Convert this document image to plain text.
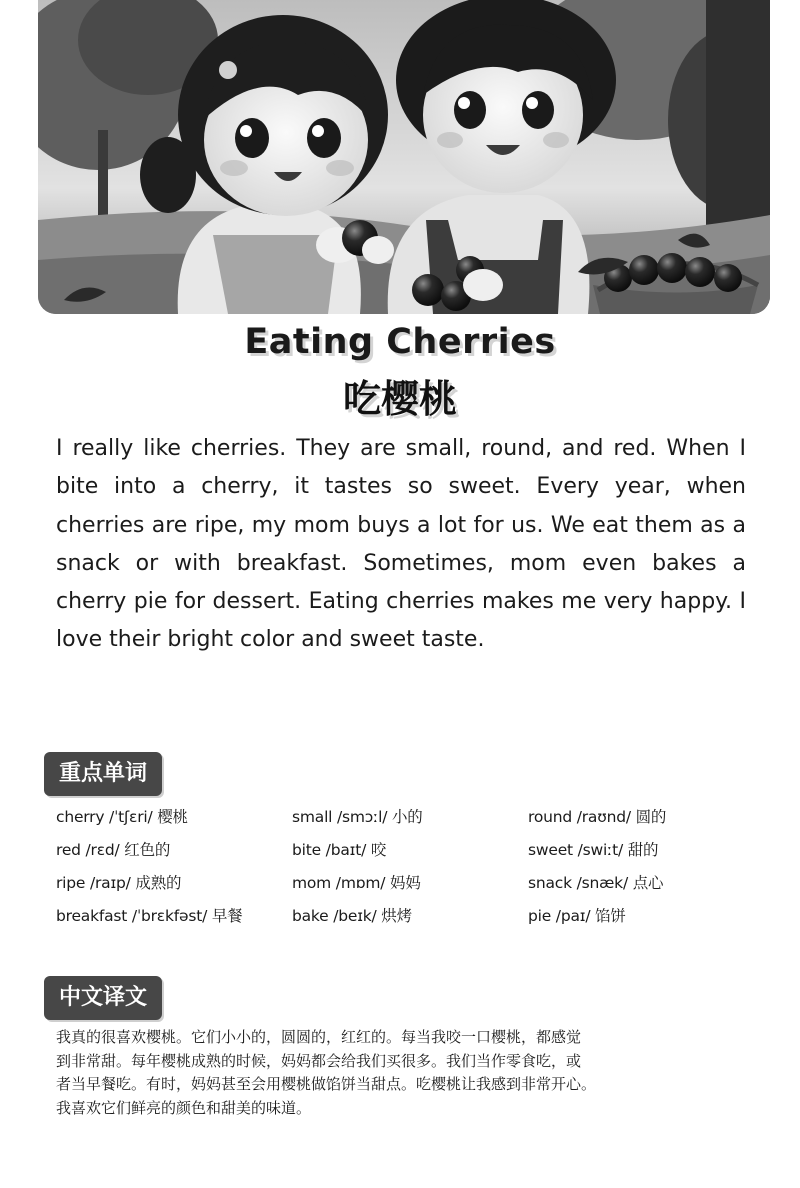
Eating Cherries
吃樱桃

I really like cherries. They are small, round, and red. When I bite into a cherry, it tastes so sweet. Every year, when cherries are ripe, my mom buys a lot for us. We eat them as a snack or with breakfast. Sometimes, mom even bakes a cherry pie for dessert. Eating cherries makes me very happy. I love their bright color and sweet taste.

重点单词
cherry /ˈtʃɛri/ 樱桃	small /smɔːl/ 小的	round /raʊnd/ 圆的
red /rɛd/ 红色的	bite /baɪt/ 咬	sweet /swiːt/ 甜的
ripe /raɪp/ 成熟的	mom /mɒm/ 妈妈	snack /snæk/ 点心
breakfast /ˈbrɛkfəst/ 早餐	bake /beɪk/ 烘烤	pie /paɪ/ 馅饼
中文译文
我真的很喜欢樱桃。它们小小的，圆圆的，红红的。每当我咬一口樱桃，都感觉
到非常甜。每年樱桃成熟的时候，妈妈都会给我们买很多。我们当作零食吃，或
者当早餐吃。有时，妈妈甚至会用樱桃做馅饼当甜点。吃樱桃让我感到非常开心。
我喜欢它们鲜亮的颜色和甜美的味道。
